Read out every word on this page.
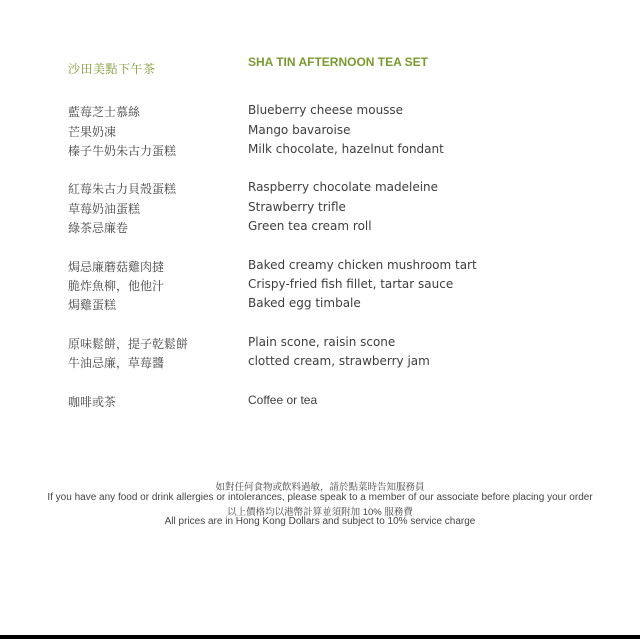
沙田美點下午茶	SHA TIN AFTERNOON TEA SET
藍莓芝士慕絲	Blueberry cheese mousse
芒果奶凍	Mango bavaroise
榛子牛奶朱古力蛋糕	Milk chocolate, hazelnut fondant
紅莓朱古力貝殼蛋糕	Raspberry chocolate madeleine
草莓奶油蛋糕	Strawberry trifle
綠茶忌廉卷	Green tea cream roll
焗忌廉蘑菇雞肉撻	Baked creamy chicken mushroom tart
脆炸魚柳，他他汁	Crispy-fried fish fillet, tartar sauce
焗雞蛋糕	Baked egg timbale
原味鬆餅，提子乾鬆餅	Plain scone, raisin scone
牛油忌廉，草莓醬	clotted cream, strawberry jam
咖啡或茶	Coffee or tea
如對任何食物或飲料過敏，請於點菜時告知服務員
If you have any food or drink allergies or intolerances, please speak to a member of our associate before placing your order
以上價格均以港幣計算並須附加 10% 服務費
All prices are in Hong Kong Dollars and subject to 10% service charge
